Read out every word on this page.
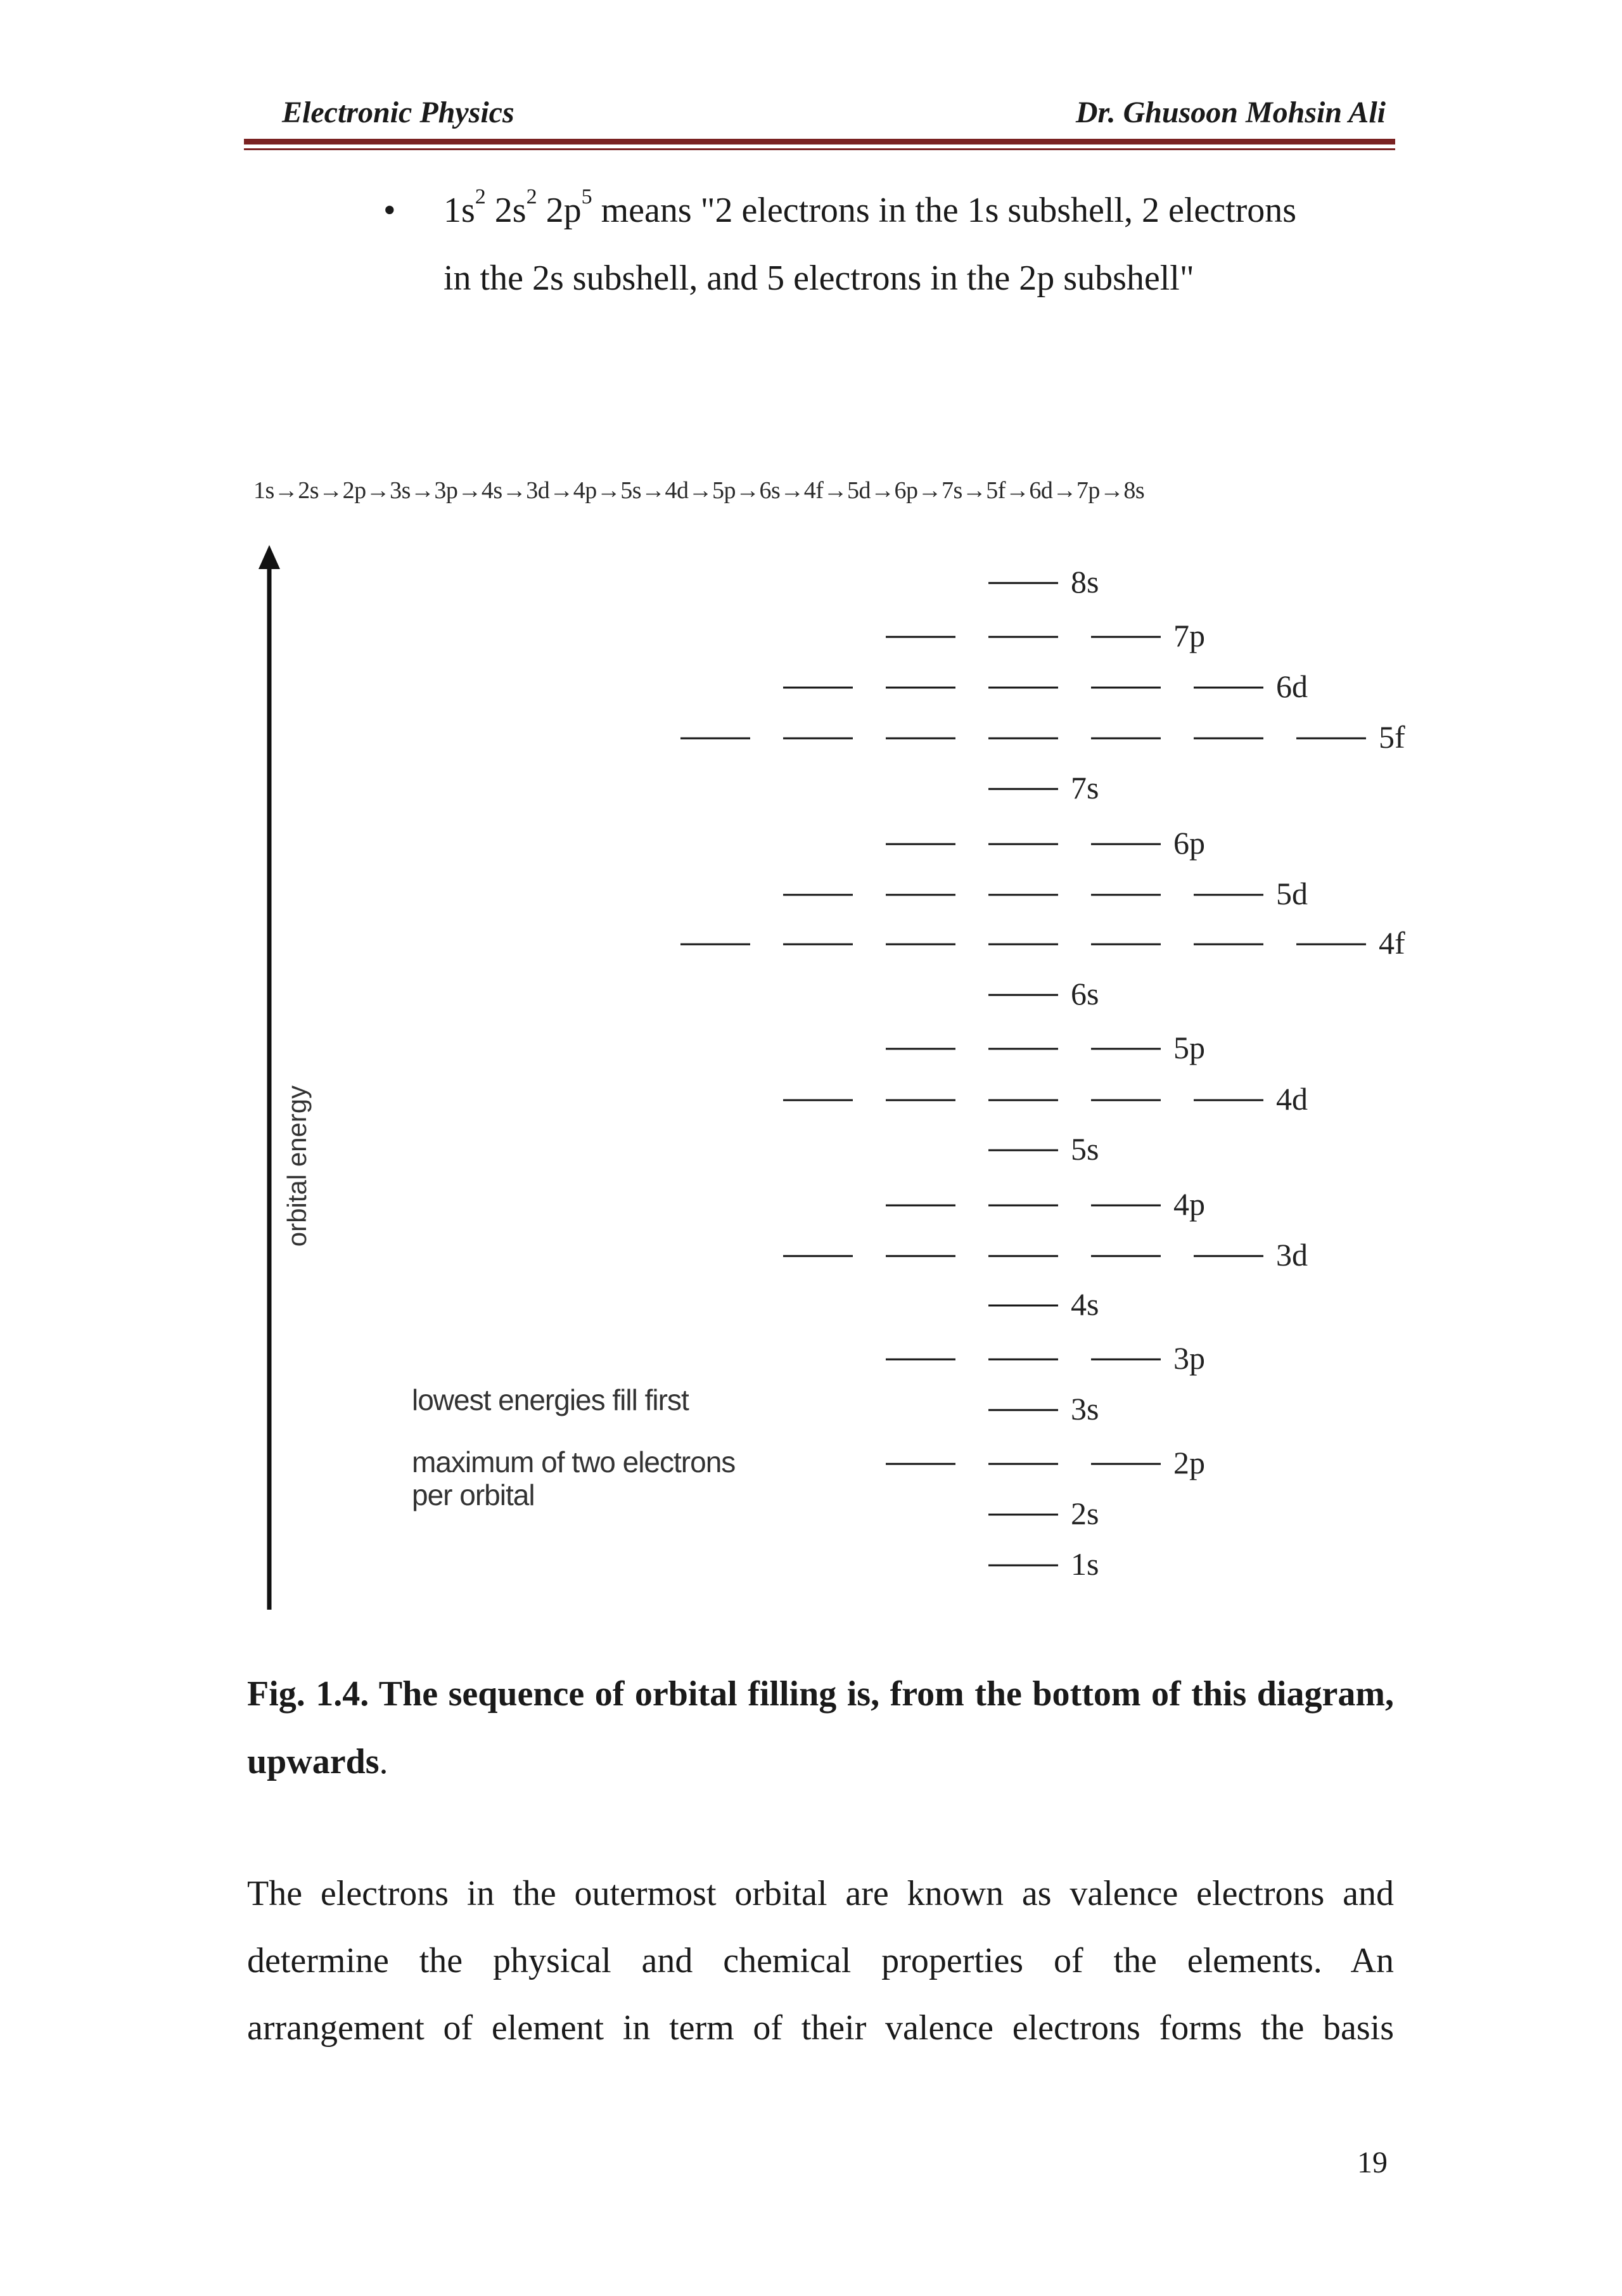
Electronic Physics	Dr. Ghusoon Mohsin Ali
• $1s^2$ $2s^2$ $2p^5$ means "2 electrons in the 1s subshell, 2 electrons
in the 2s subshell, and 5 electrons in the 2p subshell"
1s→2s→2p→3s→3p→4s→3d→4p→5s→4d→5p→6s→4f→5d→6p→7s→5f→6d→7p→8s
orbital energy
lowest energies fill first
maximum of two electrons
per orbital
1s
2s
2p
3s
3p
4s
3d
4p
5s
4d
5p
6s
4f
5d
6p
7s
5f
6d
7p
8s
Fig. 1.4. The sequence of orbital filling is, from the bottom of this diagram, upwards.
The electrons in the outermost orbital are known as valence electrons and
determine the physical and chemical properties of the elements. An
arrangement of element in term of their valence electrons forms the basis
19
